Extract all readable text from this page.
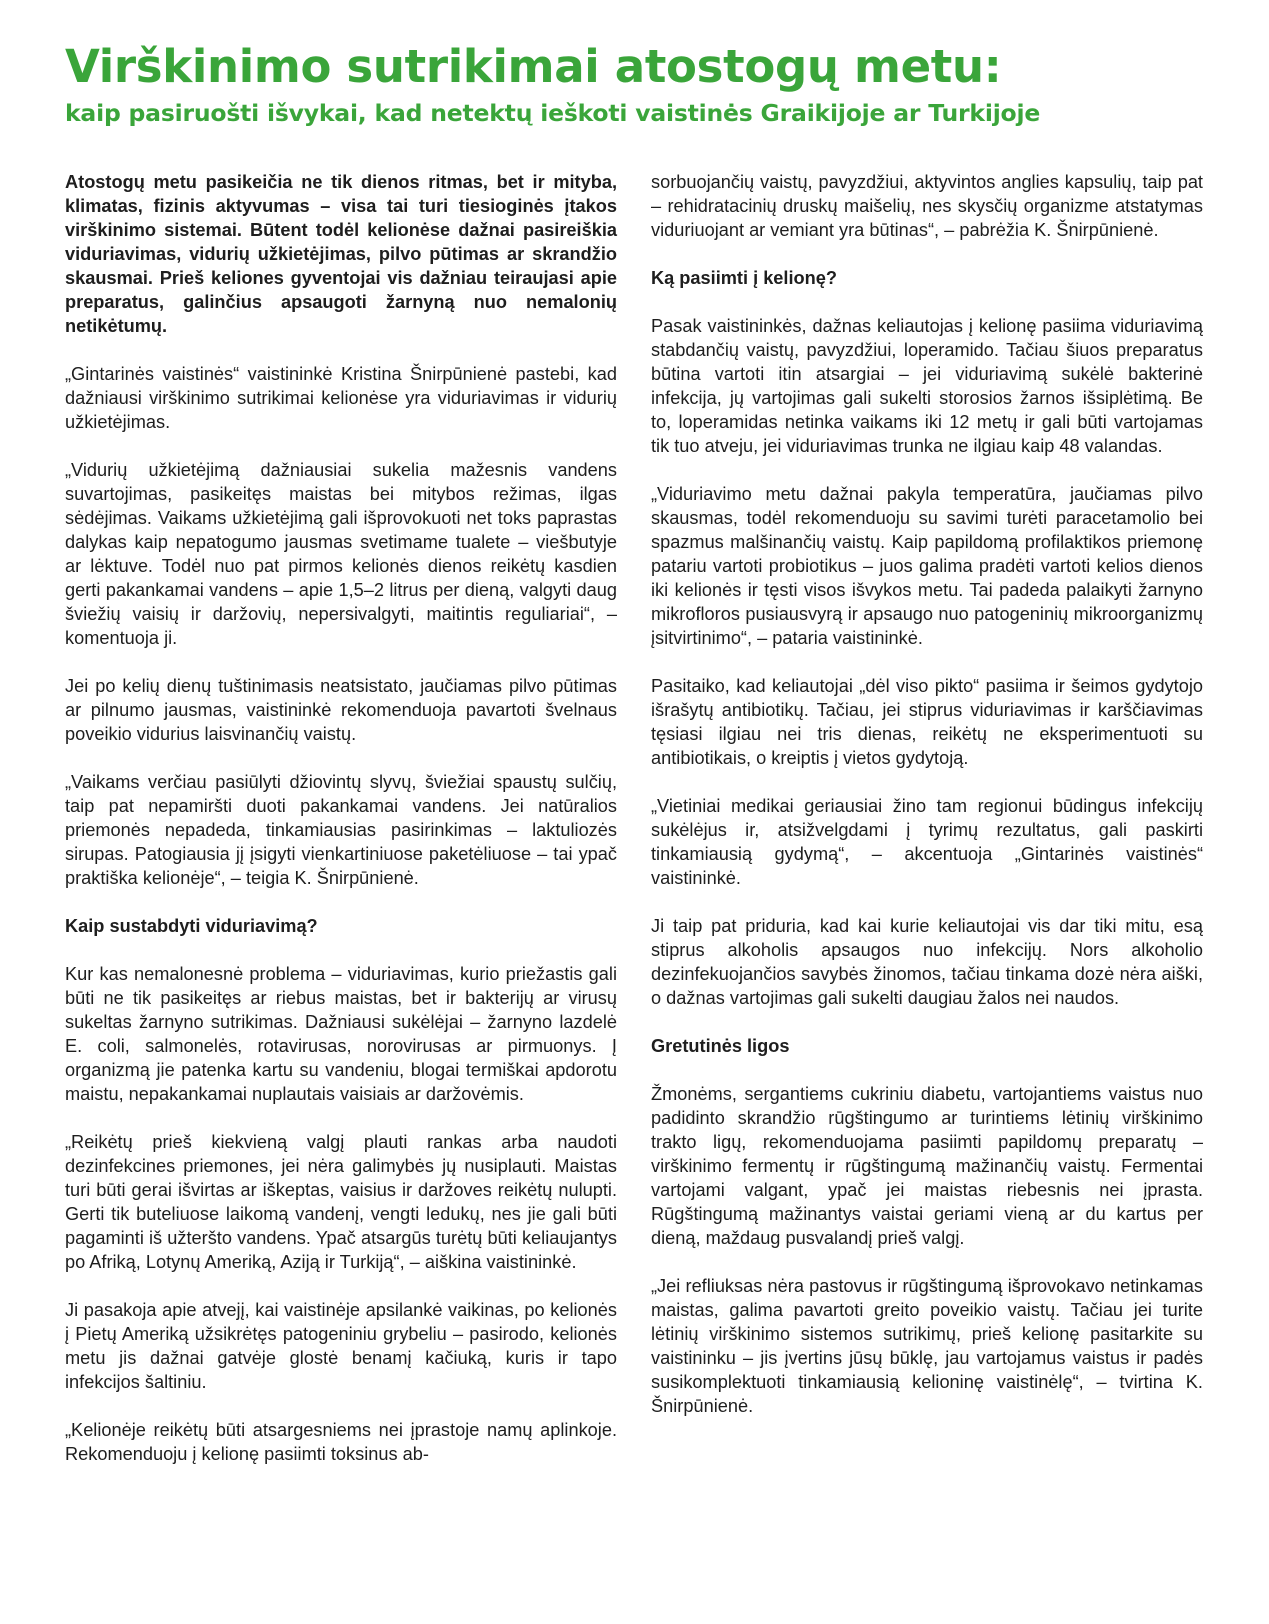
Virškinimo sutrikimai atostogų metu:
kaip pasiruošti išvykai, kad netektų ieškoti vaistinės Graikijoje ar Turkijoje

Atostogų metu pasikeičia ne tik dienos ritmas, bet ir mityba, klimatas, fizinis aktyvumas – visa tai turi tiesioginės įtakos virškinimo sistemai. Būtent todėl kelionėse dažnai pasireiškia viduriavimas, vidurių užkietėjimas, pilvo pūtimas ar skrandžio skausmai. Prieš keliones gyventojai vis dažniau teiraujasi apie preparatus, galinčius apsaugoti žarnyną nuo nemalonių netikėtumų.

„Gintarinės vaistinės“ vaistininkė Kristina Šnirpūnienė pastebi, kad dažniausi virškinimo sutrikimai kelionėse yra viduriavimas ir vidurių užkietėjimas.

„Vidurių užkietėjimą dažniausiai sukelia mažesnis vandens suvartojimas, pasikeitęs maistas bei mitybos režimas, ilgas sėdėjimas. Vaikams užkietėjimą gali išprovokuoti net toks paprastas dalykas kaip nepatogumo jausmas svetimame tualete – viešbutyje ar lėktuve. Todėl nuo pat pirmos kelionės dienos reikėtų kasdien gerti pakankamai vandens – apie 1,5–2 litrus per dieną, valgyti daug šviežių vaisių ir daržovių, nepersivalgyti, maitintis reguliariai“, – komentuoja ji.

Jei po kelių dienų tuštinimasis neatsistato, jaučiamas pilvo pūtimas ar pilnumo jausmas, vaistininkė rekomenduoja pavartoti švelnaus poveikio vidurius laisvinančių vaistų.

„Vaikams verčiau pasiūlyti džiovintų slyvų, šviežiai spaustų sulčių, taip pat nepamiršti duoti pakankamai vandens. Jei natūralios priemonės nepadeda, tinkamiausias pasirinkimas – laktuliozės sirupas. Patogiausia jį įsigyti vienkartiniuose paketėliuose – tai ypač praktiška kelionėje“, – teigia K. Šnirpūnienė.

Kaip sustabdyti viduriavimą?

Kur kas nemalonesnė problema – viduriavimas, kurio priežastis gali būti ne tik pasikeitęs ar riebus maistas, bet ir bakterijų ar virusų sukeltas žarnyno sutrikimas. Dažniausi sukėlėjai – žarnyno lazdelė E. coli, salmonelės, rotavirusas, norovirusas ar pirmuonys. Į organizmą jie patenka kartu su vandeniu, blogai termiškai apdorotu maistu, nepakankamai nuplautais vaisiais ar daržovėmis.

„Reikėtų prieš kiekvieną valgį plauti rankas arba naudoti dezinfekcines priemones, jei nėra galimybės jų nusiplauti. Maistas turi būti gerai išvirtas ar iškeptas, vaisius ir daržoves reikėtų nulupti. Gerti tik buteliuose laikomą vandenį, vengti ledukų, nes jie gali būti pagaminti iš užteršto vandens. Ypač atsargūs turėtų būti keliaujantys po Afriką, Lotynų Ameriką, Aziją ir Turkiją“, – aiškina vaistininkė.

Ji pasakoja apie atvejį, kai vaistinėje apsilankė vaikinas, po kelionės į Pietų Ameriką užsikrėtęs patogeniniu grybeliu – pasirodo, kelionės metu jis dažnai gatvėje glostė benamį kačiuką, kuris ir tapo infekcijos šaltiniu.

„Kelionėje reikėtų būti atsargesniems nei įprastoje namų aplinkoje. Rekomenduoju į kelionę pasiimti toksinus ab-

sorbuojančių vaistų, pavyzdžiui, aktyvintos anglies kapsulių, taip pat – rehidratacinių druskų maišelių, nes skysčių organizme atstatymas viduriuojant ar vemiant yra būtinas“, – pabrėžia K. Šnirpūnienė.

Ką pasiimti į kelionę?

Pasak vaistininkės, dažnas keliautojas į kelionę pasiima viduriavimą stabdančių vaistų, pavyzdžiui, loperamido. Tačiau šiuos preparatus būtina vartoti itin atsargiai – jei viduriavimą sukėlė bakterinė infekcija, jų vartojimas gali sukelti storosios žarnos išsiplėtimą. Be to, loperamidas netinka vaikams iki 12 metų ir gali būti vartojamas tik tuo atveju, jei viduriavimas trunka ne ilgiau kaip 48 valandas.

„Viduriavimo metu dažnai pakyla temperatūra, jaučiamas pilvo skausmas, todėl rekomenduoju su savimi turėti paracetamolio bei spazmus malšinančių vaistų. Kaip papildomą profilaktikos priemonę patariu vartoti probiotikus – juos galima pradėti vartoti kelios dienos iki kelionės ir tęsti visos išvykos metu. Tai padeda palaikyti žarnyno mikrofloros pusiausvyrą ir apsaugo nuo patogeninių mikroorganizmų įsitvirtinimo“, – pataria vaistininkė.

Pasitaiko, kad keliautojai „dėl viso pikto“ pasiima ir šeimos gydytojo išrašytų antibiotikų. Tačiau, jei stiprus viduriavimas ir karščiavimas tęsiasi ilgiau nei tris dienas, reikėtų ne eksperimentuoti su antibiotikais, o kreiptis į vietos gydytoją.

„Vietiniai medikai geriausiai žino tam regionui būdingus infekcijų sukėlėjus ir, atsižvelgdami į tyrimų rezultatus, gali paskirti tinkamiausią gydymą“, – akcentuoja „Gintarinės vaistinės“ vaistininkė.

Ji taip pat priduria, kad kai kurie keliautojai vis dar tiki mitu, esą stiprus alkoholis apsaugos nuo infekcijų. Nors alkoholio dezinfekuojančios savybės žinomos, tačiau tinkama dozė nėra aiški, o dažnas vartojimas gali sukelti daugiau žalos nei naudos.

Gretutinės ligos

Žmonėms, sergantiems cukriniu diabetu, vartojantiems vaistus nuo padidinto skrandžio rūgštingumo ar turintiems lėtinių virškinimo trakto ligų, rekomenduojama pasiimti papildomų preparatų – virškinimo fermentų ir rūgštingumą mažinančių vaistų. Fermentai vartojami valgant, ypač jei maistas riebesnis nei įprasta. Rūgštingumą mažinantys vaistai geriami vieną ar du kartus per dieną, maždaug pusvalandį prieš valgį.

„Jei refliuksas nėra pastovus ir rūgštingumą išprovokavo netinkamas maistas, galima pavartoti greito poveikio vaistų. Tačiau jei turite lėtinių virškinimo sistemos sutrikimų, prieš kelionę pasitarkite su vaistininku – jis įvertins jūsų būklę, jau vartojamus vaistus ir padės susikomplektuoti tinkamiausią kelioninę vaistinėlę“, – tvirtina K. Šnirpūnienė.
